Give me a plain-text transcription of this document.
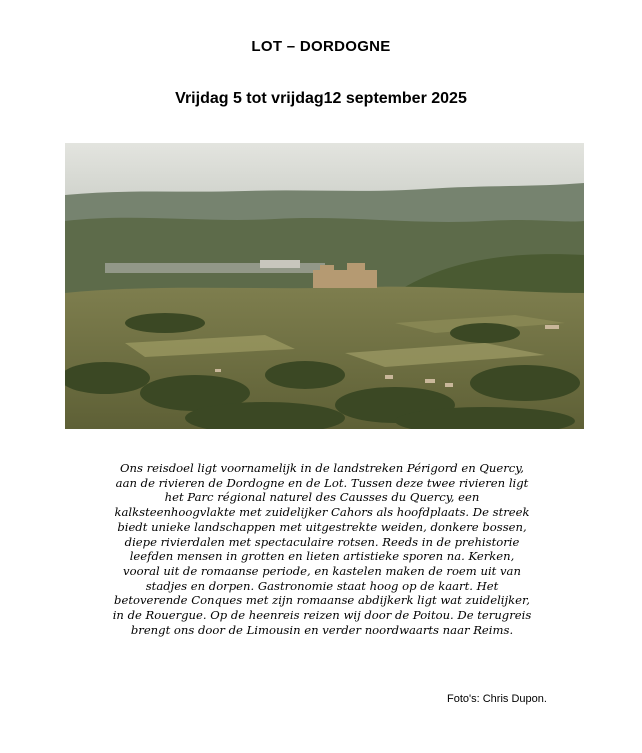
LOT – DORDOGNE
Vrijdag 5 tot vrijdag12 september 2025
Ons reisdoel ligt voornamelijk in de landstreken Périgord en Quercy,
aan de rivieren de Dordogne en de Lot. Tussen deze twee rivieren ligt
het Parc régional naturel des Causses du Quercy, een
kalksteenhoogvlakte met zuidelijker Cahors als hoofdplaats. De streek
biedt unieke landschappen met uitgestrekte weiden, donkere bossen,
diepe rivierdalen met spectaculaire rotsen. Reeds in de prehistorie
leefden mensen in grotten en lieten artistieke sporen na. Kerken,
vooral uit de romaanse periode, en kastelen maken de roem uit van
stadjes en dorpen. Gastronomie staat hoog op de kaart. Het
betoverende Conques met zijn romaanse abdijkerk ligt wat zuidelijker,
in de Rouergue. Op de heenreis reizen wij door de Poitou. De terugreis
brengt ons door de Limousin en verder noordwaarts naar Reims.
Foto's: Chris Dupon.
